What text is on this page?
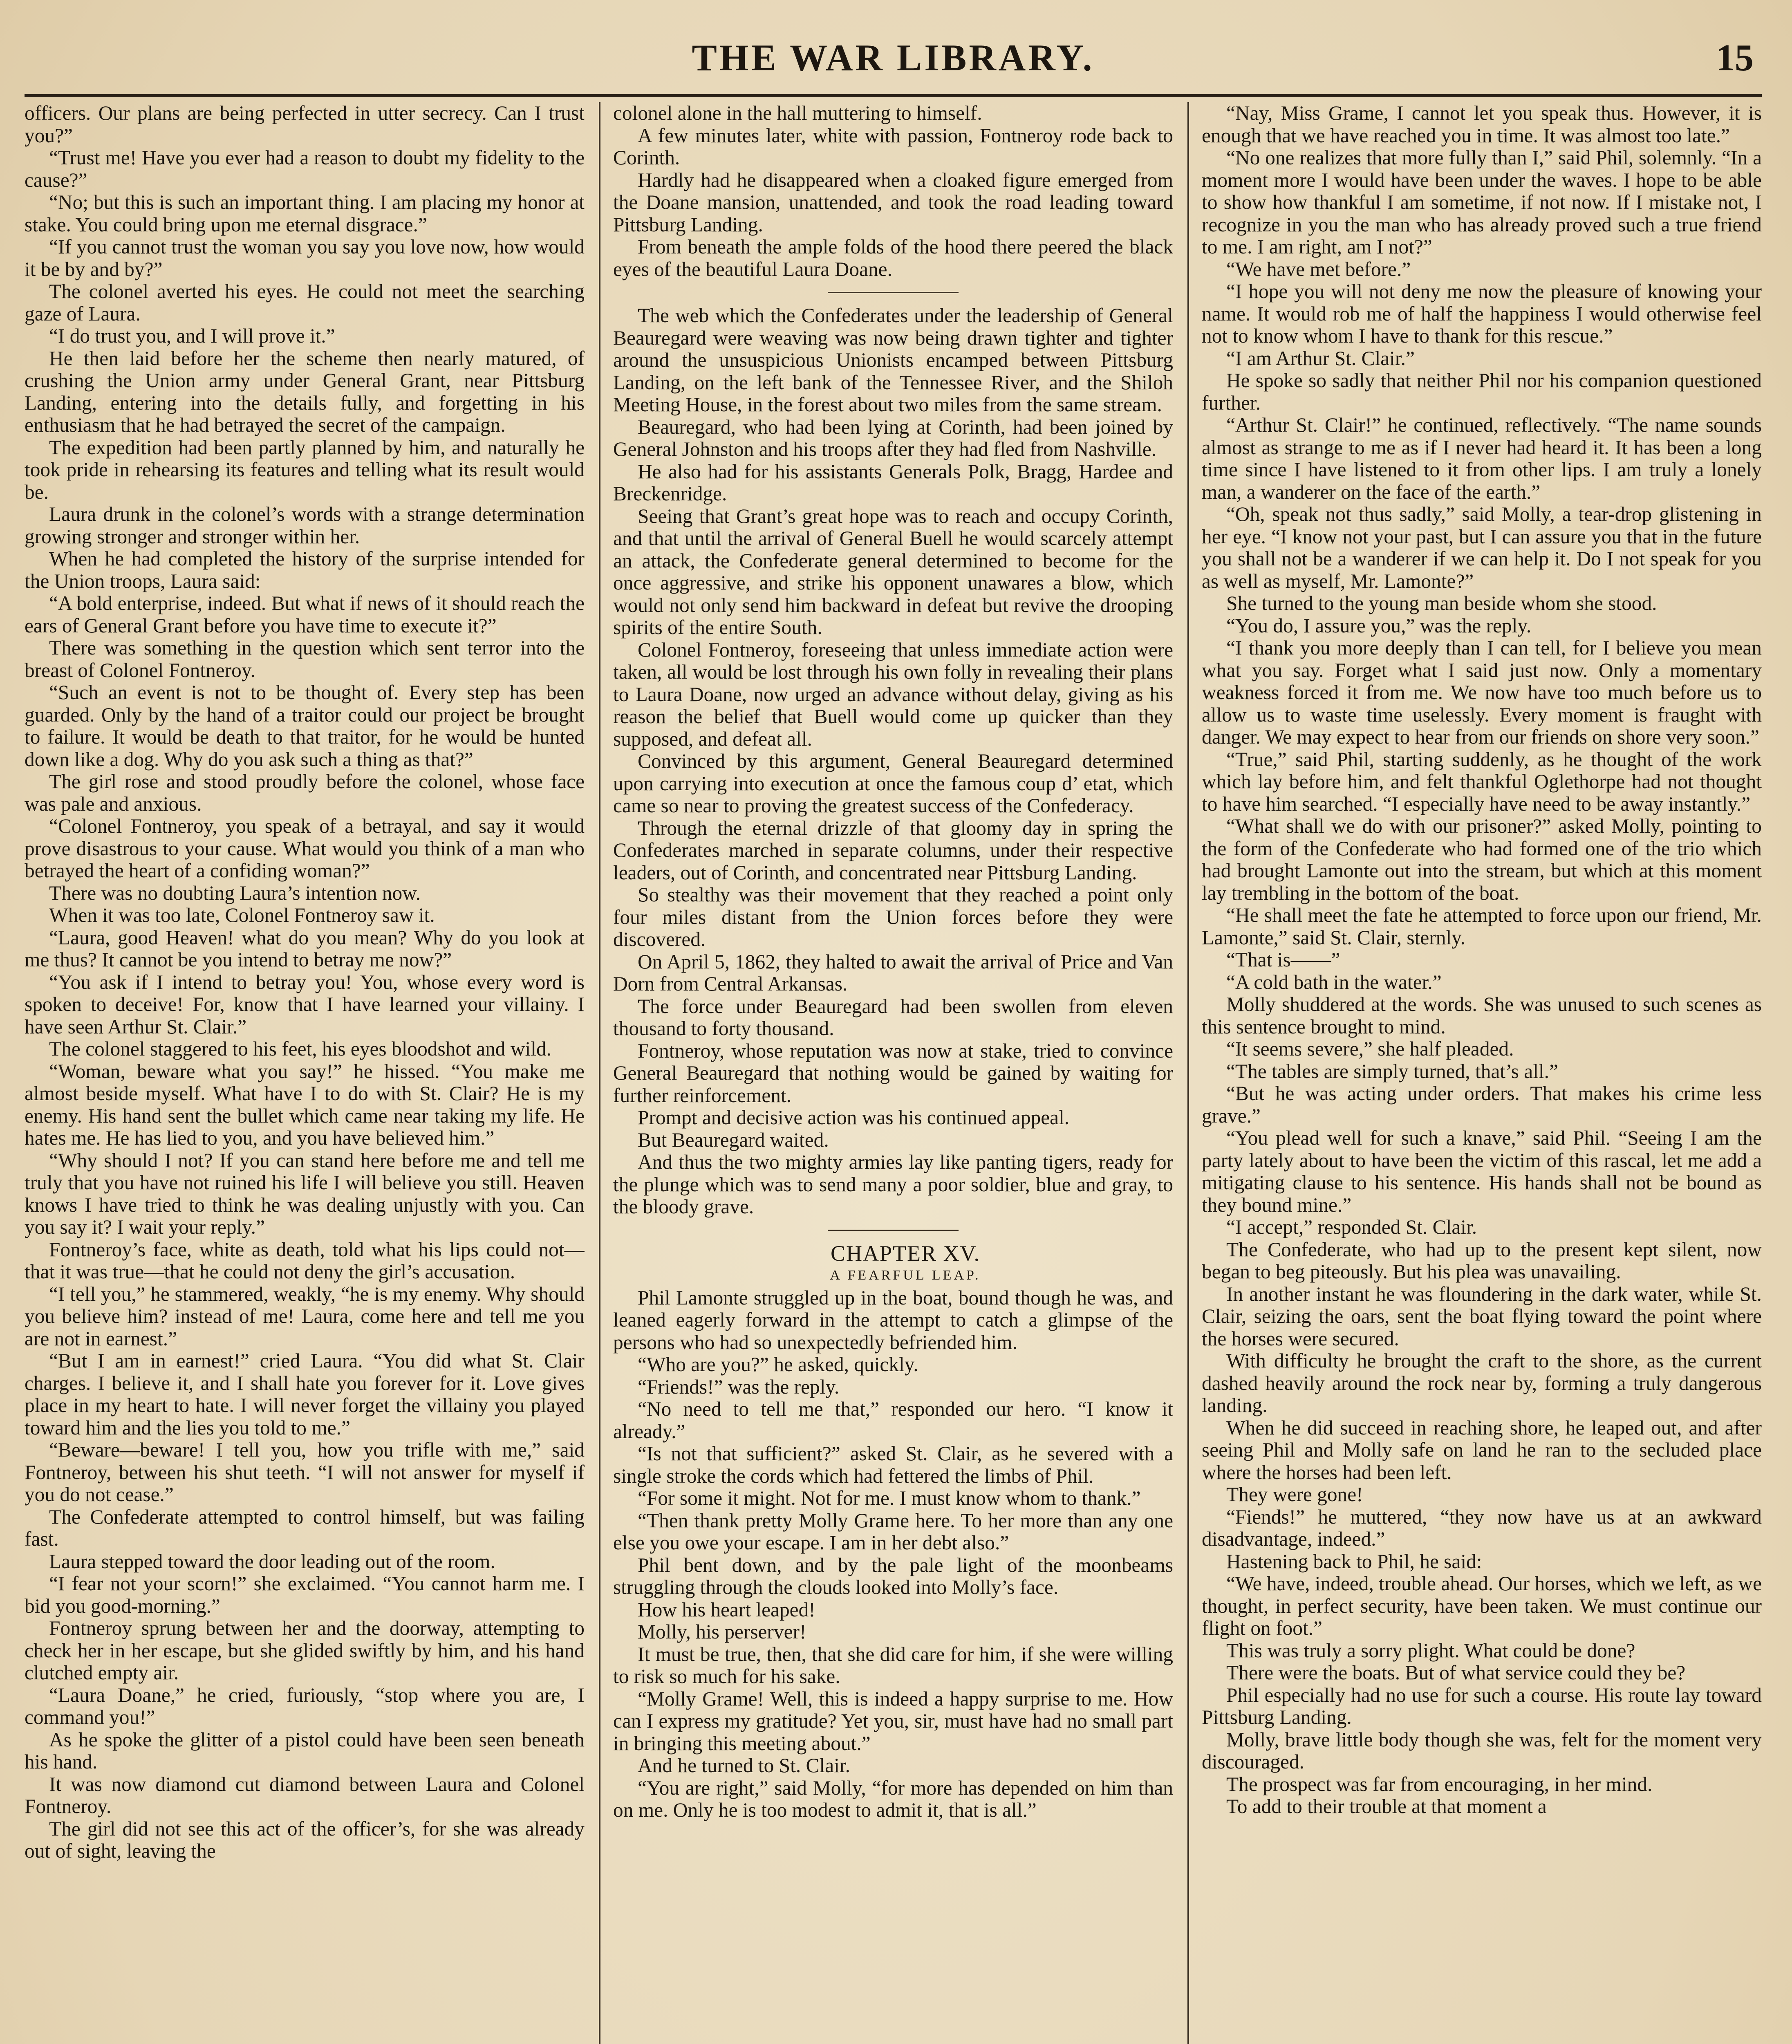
THE WAR LIBRARY.	15

officers. Our plans are being perfected in utter secrecy. Can I trust you?”

“Trust me! Have you ever had a reason to doubt my fidelity to the cause?”

“No; but this is such an important thing. I am placing my honor at stake. You could bring upon me eternal disgrace.”

“If you cannot trust the woman you say you love now, how would it be by and by?”

The colonel averted his eyes. He could not meet the searching gaze of Laura.

“I do trust you, and I will prove it.”

He then laid before her the scheme then nearly matured, of crushing the Union army under General Grant, near Pittsburg Landing, entering into the details fully, and forgetting in his enthusiasm that he had betrayed the secret of the campaign.

The expedition had been partly planned by him, and naturally he took pride in rehearsing its features and telling what its result would be.

Laura drunk in the colonel’s words with a strange determination growing stronger and stronger within her.

When he had completed the history of the surprise intended for the Union troops, Laura said:

“A bold enterprise, indeed. But what if news of it should reach the ears of General Grant before you have time to execute it?”

There was something in the question which sent terror into the breast of Colonel Fontneroy.

“Such an event is not to be thought of. Every step has been guarded. Only by the hand of a traitor could our project be brought to failure. It would be death to that traitor, for he would be hunted down like a dog. Why do you ask such a thing as that?”

The girl rose and stood proudly before the colonel, whose face was pale and anxious.

“Colonel Fontneroy, you speak of a betrayal, and say it would prove disastrous to your cause. What would you think of a man who betrayed the heart of a confiding woman?”

There was no doubting Laura’s intention now.

When it was too late, Colonel Fontneroy saw it.

“Laura, good Heaven! what do you mean? Why do you look at me thus? It cannot be you intend to betray me now?”

“You ask if I intend to betray you! You, whose every word is spoken to deceive! For, know that I have learned your villainy. I have seen Arthur St. Clair.”

The colonel staggered to his feet, his eyes bloodshot and wild.

“Woman, beware what you say!” he hissed. “You make me almost beside myself. What have I to do with St. Clair? He is my enemy. His hand sent the bullet which came near taking my life. He hates me. He has lied to you, and you have believed him.”

“Why should I not? If you can stand here before me and tell me truly that you have not ruined his life I will believe you still. Heaven knows I have tried to think he was dealing unjustly with you. Can you say it? I wait your reply.”

Fontneroy’s face, white as death, told what his lips could not—that it was true—that he could not deny the girl’s accusation.

“I tell you,” he stammered, weakly, “he is my enemy. Why should you believe him? instead of me! Laura, come here and tell me you are not in earnest.”

“But I am in earnest!” cried Laura. “You did what St. Clair charges. I believe it, and I shall hate you forever for it. Love gives place in my heart to hate. I will never forget the villainy you played toward him and the lies you told to me.”

“Beware—beware! I tell you, how you trifle with me,” said Fontneroy, between his shut teeth. “I will not answer for myself if you do not cease.”

The Confederate attempted to control himself, but was failing fast.

Laura stepped toward the door leading out of the room.

“I fear not your scorn!” she exclaimed. “You cannot harm me. I bid you good-morning.”

Fontneroy sprung between her and the doorway, attempting to check her in her escape, but she glided swiftly by him, and his hand clutched empty air.

“Laura Doane,” he cried, furiously, “stop where you are, I command you!”

As he spoke the glitter of a pistol could have been seen beneath his hand.

It was now diamond cut diamond between Laura and Colonel Fontneroy.

The girl did not see this act of the officer’s, for she was already out of sight, leaving the

colonel alone in the hall muttering to himself.

A few minutes later, white with passion, Fontneroy rode back to Corinth.

Hardly had he disappeared when a cloaked figure emerged from the Doane mansion, unattended, and took the road leading toward Pittsburg Landing.

From beneath the ample folds of the hood there peered the black eyes of the beautiful Laura Doane.

The web which the Confederates under the leadership of General Beauregard were weaving was now being drawn tighter and tighter around the unsuspicious Unionists encamped between Pittsburg Landing, on the left bank of the Tennessee River, and the Shiloh Meeting House, in the forest about two miles from the same stream.

Beauregard, who had been lying at Corinth, had been joined by General Johnston and his troops after they had fled from Nashville.

He also had for his assistants Generals Polk, Bragg, Hardee and Breckenridge.

Seeing that Grant’s great hope was to reach and occupy Corinth, and that until the arrival of General Buell he would scarcely attempt an attack, the Confederate general determined to become for the once aggressive, and strike his opponent unawares a blow, which would not only send him backward in defeat but revive the drooping spirits of the entire South.

Colonel Fontneroy, foreseeing that unless immediate action were taken, all would be lost through his own folly in revealing their plans to Laura Doane, now urged an advance without delay, giving as his reason the belief that Buell would come up quicker than they supposed, and defeat all.

Convinced by this argument, General Beauregard determined upon carrying into execution at once the famous coup d’ etat, which came so near to proving the greatest success of the Confederacy.

Through the eternal drizzle of that gloomy day in spring the Confederates marched in separate columns, under their respective leaders, out of Corinth, and concentrated near Pittsburg Landing.

So stealthy was their movement that they reached a point only four miles distant from the Union forces before they were discovered.

On April 5, 1862, they halted to await the arrival of Price and Van Dorn from Central Arkansas.

The force under Beauregard had been swollen from eleven thousand to forty thousand.

Fontneroy, whose reputation was now at stake, tried to convince General Beauregard that nothing would be gained by waiting for further reinforcement.

Prompt and decisive action was his continued appeal.

But Beauregard waited.

And thus the two mighty armies lay like panting tigers, ready for the plunge which was to send many a poor soldier, blue and gray, to the bloody grave.

CHAPTER XV.

A FEARFUL LEAP.

Phil Lamonte struggled up in the boat, bound though he was, and leaned eagerly forward in the attempt to catch a glimpse of the persons who had so unexpectedly befriended him.

“Who are you?” he asked, quickly.

“Friends!” was the reply.

“No need to tell me that,” responded our hero. “I know it already.”

“Is not that sufficient?” asked St. Clair, as he severed with a single stroke the cords which had fettered the limbs of Phil.

“For some it might. Not for me. I must know whom to thank.”

“Then thank pretty Molly Grame here. To her more than any one else you owe your escape. I am in her debt also.”

Phil bent down, and by the pale light of the moonbeams struggling through the clouds looked into Molly’s face.

How his heart leaped!

Molly, his perserver!

It must be true, then, that she did care for him, if she were willing to risk so much for his sake.

“Molly Grame! Well, this is indeed a happy surprise to me. How can I express my gratitude? Yet you, sir, must have had no small part in bringing this meeting about.”

And he turned to St. Clair.

“You are right,” said Molly, “for more has depended on him than on me. Only he is too modest to admit it, that is all.”

“Nay, Miss Grame, I cannot let you speak thus. However, it is enough that we have reached you in time. It was almost too late.”

“No one realizes that more fully than I,” said Phil, solemnly. “In a moment more I would have been under the waves. I hope to be able to show how thankful I am sometime, if not now. If I mistake not, I recognize in you the man who has already proved such a true friend to me. I am right, am I not?”

“We have met before.”

“I hope you will not deny me now the pleasure of knowing your name. It would rob me of half the happiness I would otherwise feel not to know whom I have to thank for this rescue.”

“I am Arthur St. Clair.”

He spoke so sadly that neither Phil nor his companion questioned further.

“Arthur St. Clair!” he continued, reflectively. “The name sounds almost as strange to me as if I never had heard it. It has been a long time since I have listened to it from other lips. I am truly a lonely man, a wanderer on the face of the earth.”

“Oh, speak not thus sadly,” said Molly, a tear-drop glistening in her eye. “I know not your past, but I can assure you that in the future you shall not be a wanderer if we can help it. Do I not speak for you as well as myself, Mr. Lamonte?”

She turned to the young man beside whom she stood.

“You do, I assure you,” was the reply.

“I thank you more deeply than I can tell, for I believe you mean what you say. Forget what I said just now. Only a momentary weakness forced it from me. We now have too much before us to allow us to waste time uselessly. Every moment is fraught with danger. We may expect to hear from our friends on shore very soon.”

“True,” said Phil, starting suddenly, as he thought of the work which lay before him, and felt thankful Oglethorpe had not thought to have him searched. “I especially have need to be away instantly.”

“What shall we do with our prisoner?” asked Molly, pointing to the form of the Confederate who had formed one of the trio which had brought Lamonte out into the stream, but which at this moment lay trembling in the bottom of the boat.

“He shall meet the fate he attempted to force upon our friend, Mr. Lamonte,” said St. Clair, sternly.

“That is——”

“A cold bath in the water.”

Molly shuddered at the words. She was unused to such scenes as this sentence brought to mind.

“It seems severe,” she half pleaded.

“The tables are simply turned, that’s all.”

“But he was acting under orders. That makes his crime less grave.”

“You plead well for such a knave,” said Phil. “Seeing I am the party lately about to have been the victim of this rascal, let me add a mitigating clause to his sentence. His hands shall not be bound as they bound mine.”

“I accept,” responded St. Clair.

The Confederate, who had up to the present kept silent, now began to beg piteously. But his plea was unavailing.

In another instant he was floundering in the dark water, while St. Clair, seizing the oars, sent the boat flying toward the point where the horses were secured.

With difficulty he brought the craft to the shore, as the current dashed heavily around the rock near by, forming a truly dangerous landing.

When he did succeed in reaching shore, he leaped out, and after seeing Phil and Molly safe on land he ran to the secluded place where the horses had been left.

They were gone!

“Fiends!” he muttered, “they now have us at an awkward disadvantage, indeed.”

Hastening back to Phil, he said:

“We have, indeed, trouble ahead. Our horses, which we left, as we thought, in perfect security, have been taken. We must continue our flight on foot.”

This was truly a sorry plight. What could be done?

There were the boats. But of what service could they be?

Phil especially had no use for such a course. His route lay toward Pittsburg Landing.

Molly, brave little body though she was, felt for the moment very discouraged.

The prospect was far from encouraging, in her mind.

To add to their trouble at that moment a
